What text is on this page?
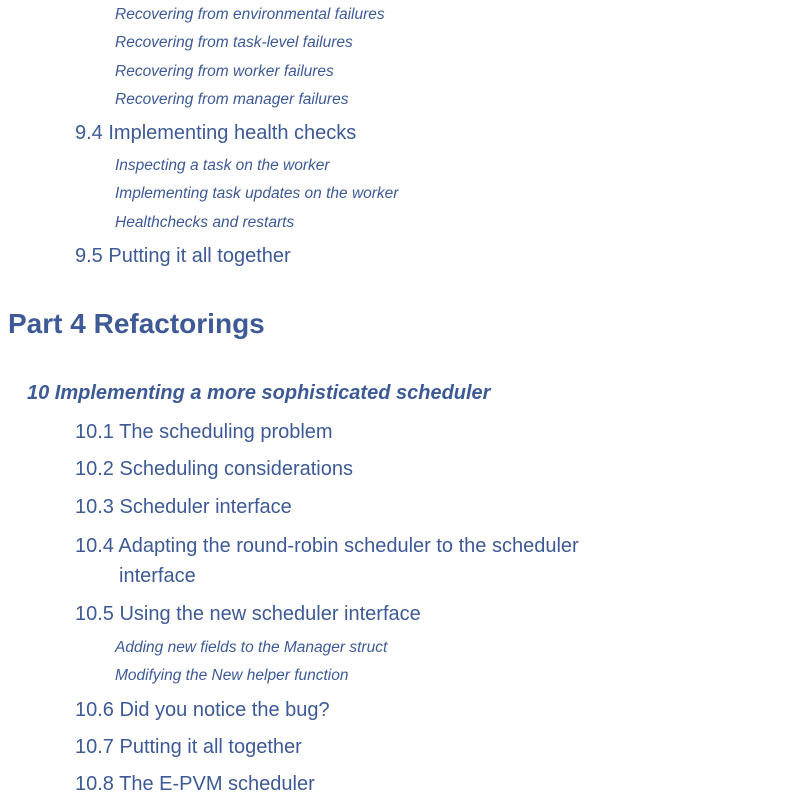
Recovering from environmental failures
Recovering from task-level failures
Recovering from worker failures
Recovering from manager failures
9.4 Implementing health checks
Inspecting a task on the worker
Implementing task updates on the worker
Healthchecks and restarts
9.5 Putting it all together
Part 4 Refactorings
10 Implementing a more sophisticated scheduler
10.1 The scheduling problem
10.2 Scheduling considerations
10.3 Scheduler interface
10.4 Adapting the round-robin scheduler to the scheduler
interface
10.5 Using the new scheduler interface
Adding new fields to the Manager struct
Modifying the New helper function
10.6 Did you notice the bug?
10.7 Putting it all together
10.8 The E-PVM scheduler
